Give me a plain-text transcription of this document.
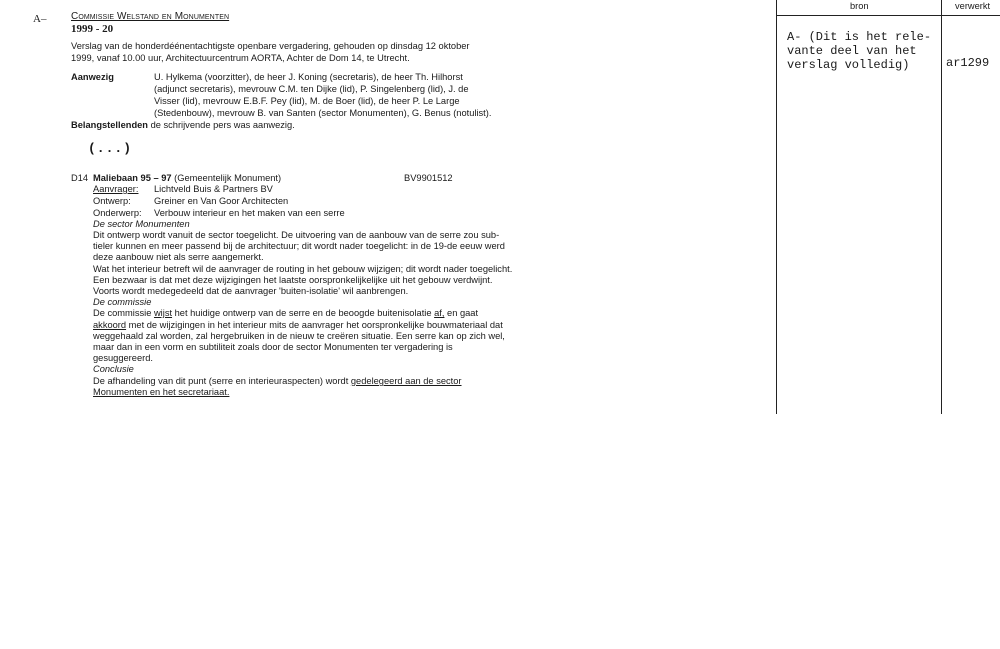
A– Commissie Welstand en Monumenten
1999 - 20
Verslag van de honderdéénentachtigste openbare vergadering, gehouden op dinsdag 12 oktober
1999, vanaf 10.00 uur, Architectuurcentrum AORTA, Achter de Dom 14, te Utrecht.
Aanwezig	U. Hylkema (voorzitter), de heer J. Koning (secretaris), de heer Th. Hilhorst
(adjunct secretaris), mevrouw C.M. ten Dijke (lid), P. Singelenberg (lid), J. de
Visser (lid), mevrouw E.B.F. Pey (lid), M. de Boer (lid), de heer P. Le Large
(Stedenbouw), mevrouw B. van Santen (sector Monumenten), G. Benus (notulist).
Belangstellenden de schrijvende pers was aanwezig.
(...)
D14 Maliebaan 95 – 97 (Gemeentelijk Monument)	BV9901512
Aanvrager: Lichtveld Buis & Partners BV
Ontwerp:	Greiner en Van Goor Architecten
Onderwerp: Verbouw interieur en het maken van een serre
De sector Monumenten
Dit ontwerp wordt vanuit de sector toegelicht. De uitvoering van de aanbouw van de serre zou sub-
tieler kunnen en meer passend bij de architectuur; dit wordt nader toegelicht: in de 19-de eeuw werd
deze aanbouw niet als serre aangemerkt.
Wat het interieur betreft wil de aanvrager de routing in het gebouw wijzigen; dit wordt nader toegelicht.
Een bezwaar is dat met deze wijzigingen het laatste oorspronkelijkelijke uit het gebouw verdwijnt.
Voorts wordt medegedeeld dat de aanvrager 'buiten-isolatie' wil aanbrengen.
De commissie
De commissie wijst het huidige ontwerp van de serre en de beoogde buitenisolatie af, en gaat
akkoord met de wijzigingen in het interieur mits de aanvrager het oorspronkelijke bouwmateriaal dat
weggehaald zal worden, zal hergebruiken in de nieuw te creëren situatie. Een serre kan op zich wel,
maar dan in een vorm en subtiliteit zoals door de sector Monumenten ter vergadering is
gesuggereerd.
Conclusie
De afhandeling van dit punt (serre en interieuraspecten) wordt gedelegeerd aan de sector
Monumenten en het secretariaat.
bron	verwerkt
A- (Dit is het rele-
vante deel van het
verslag volledig)	ar1299
